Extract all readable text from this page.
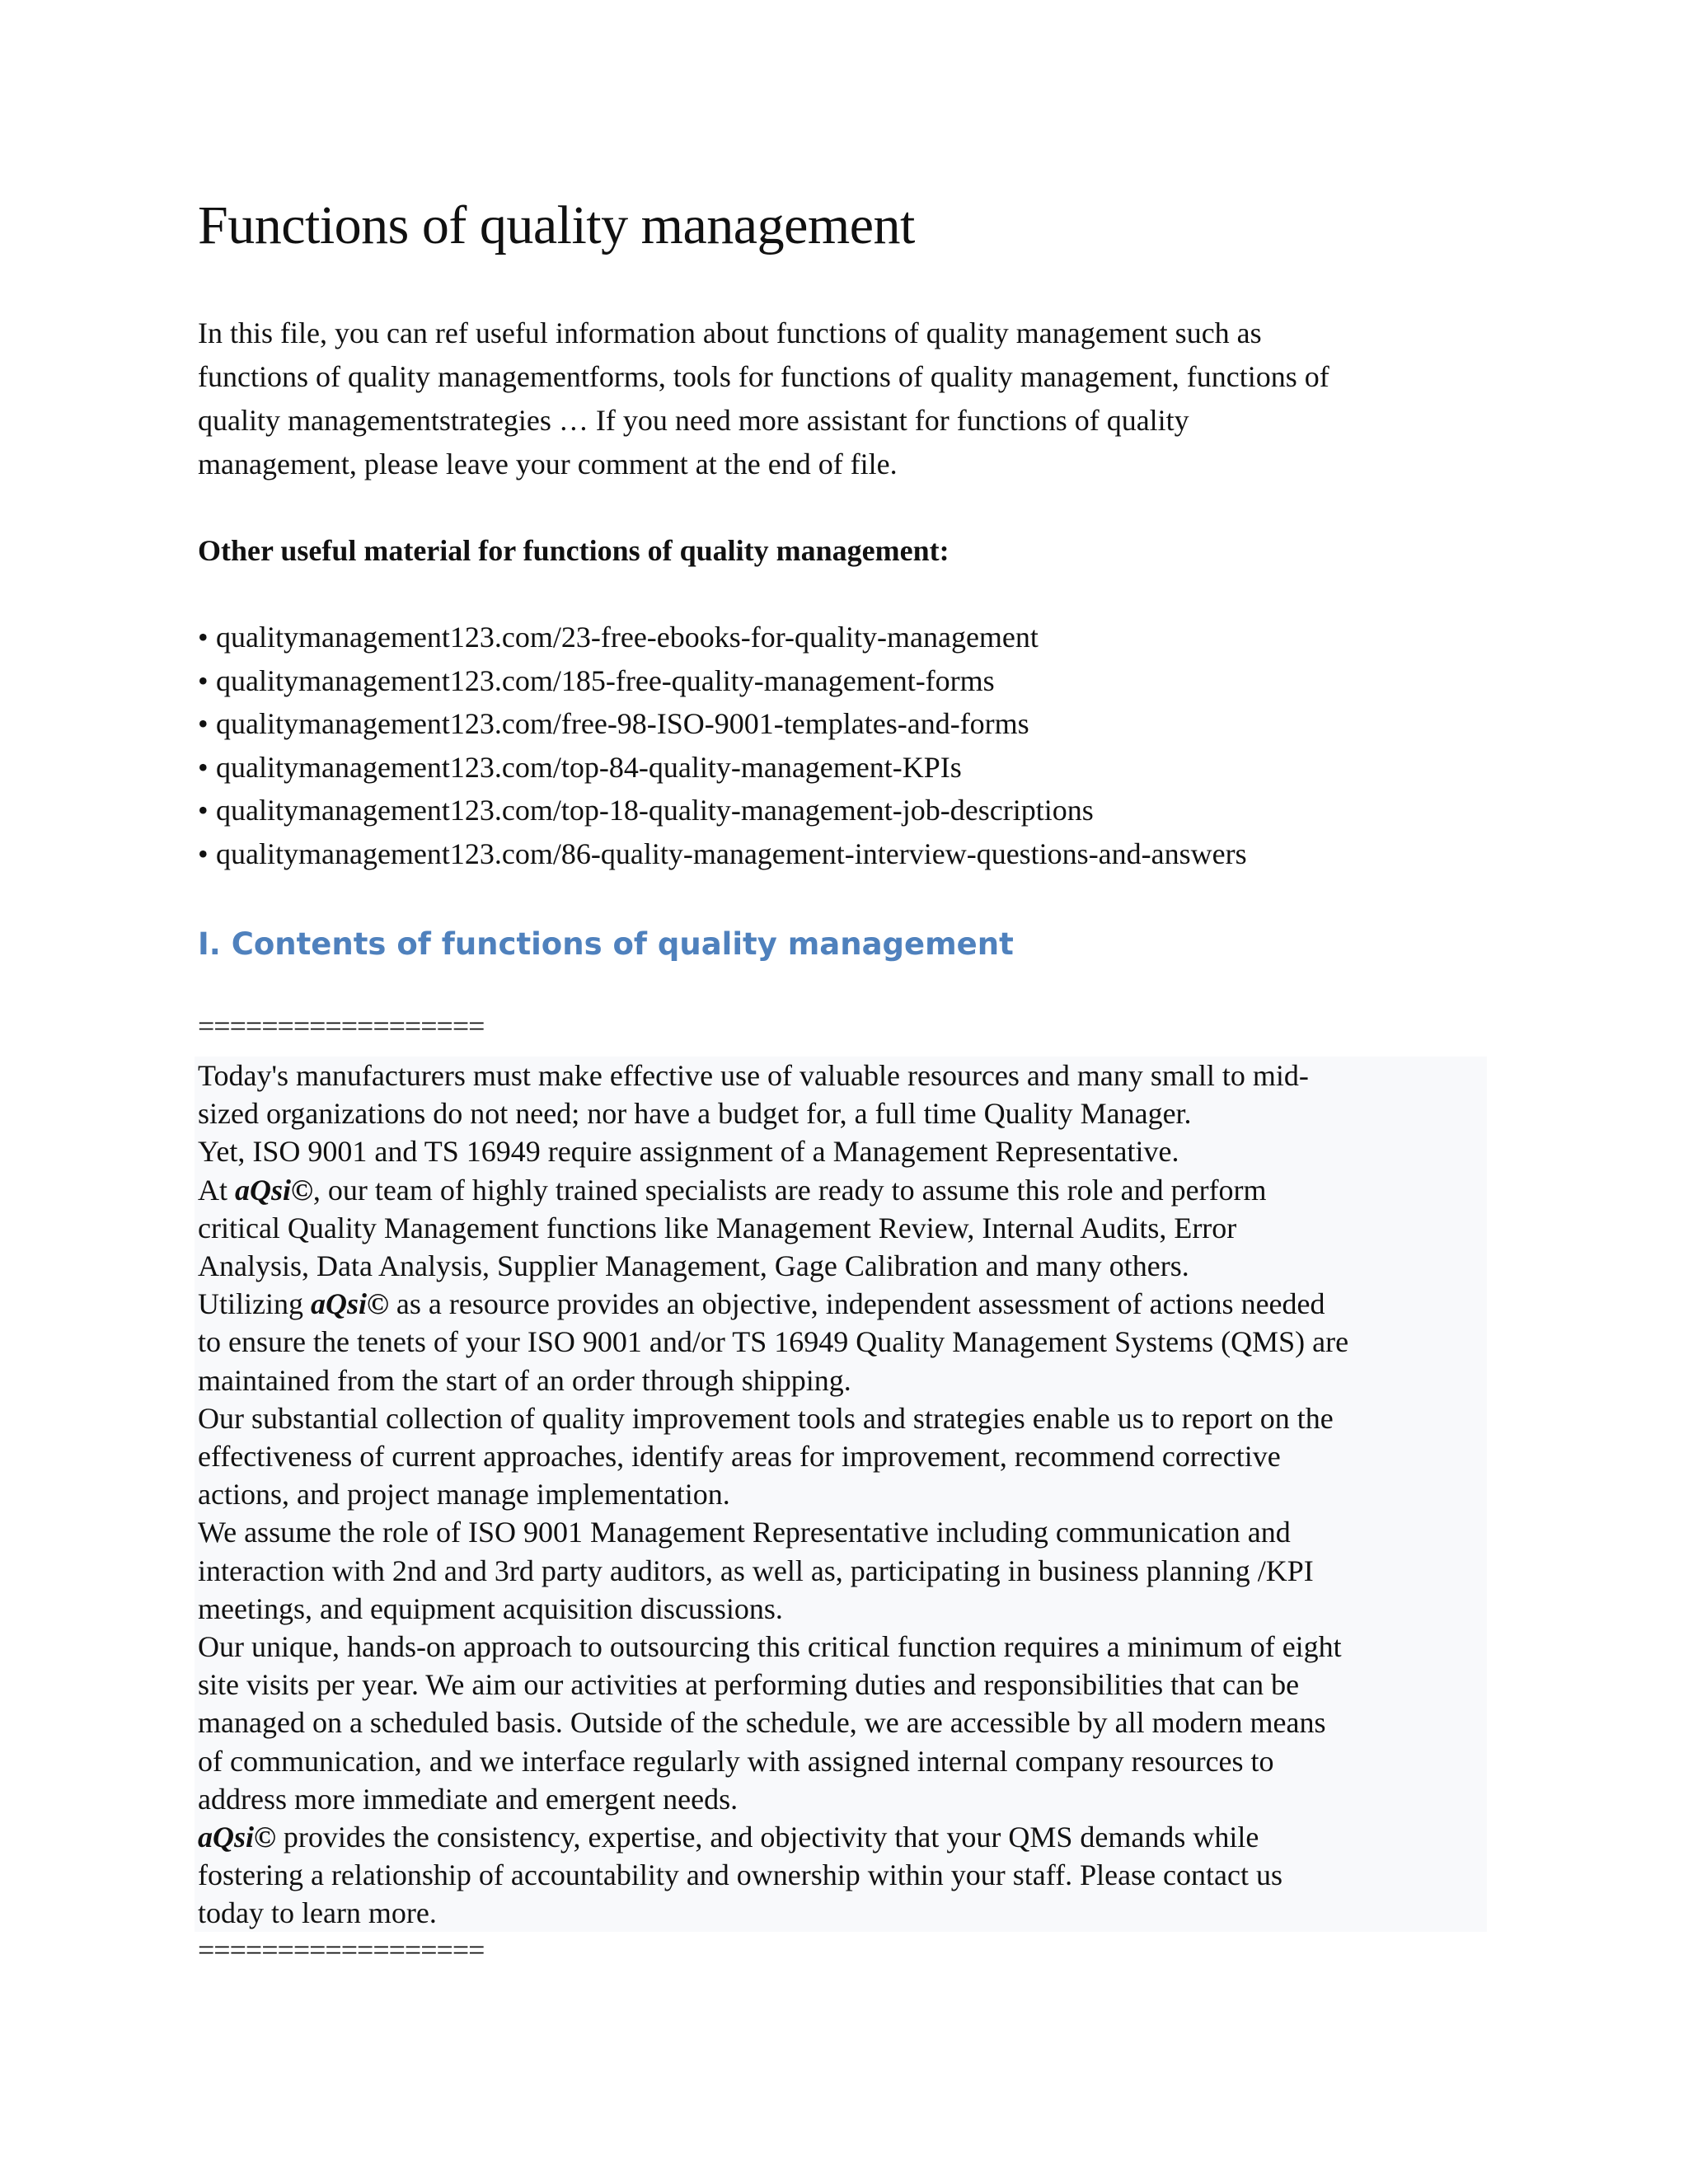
Functions of quality management

In this file, you can ref useful information about functions of quality management such as
functions of quality managementforms, tools for functions of quality management, functions of
quality managementstrategies … If you need more assistant for functions of quality
management, please leave your comment at the end of file.

Other useful material for functions of quality management:
• qualitymanagement123.com/23-free-ebooks-for-quality-management
• qualitymanagement123.com/185-free-quality-management-forms
• qualitymanagement123.com/free-98-ISO-9001-templates-and-forms
• qualitymanagement123.com/top-84-quality-management-KPIs
• qualitymanagement123.com/top-18-quality-management-job-descriptions
• qualitymanagement123.com/86-quality-management-interview-questions-and-answers
I. Contents of functions of quality management
==================
Today's manufacturers must make effective use of valuable resources and many small to mid-
sized organizations do not need; nor have a budget for, a full time Quality Manager.
Yet, ISO 9001 and TS 16949 require assignment of a Management Representative.
At aQsi©, our team of highly trained specialists are ready to assume this role and perform
critical Quality Management functions like Management Review, Internal Audits, Error
Analysis, Data Analysis, Supplier Management, Gage Calibration and many others.
Utilizing aQsi© as a resource provides an objective, independent assessment of actions needed
to ensure the tenets of your ISO 9001 and/or TS 16949 Quality Management Systems (QMS) are
maintained from the start of an order through shipping.
Our substantial collection of quality improvement tools and strategies enable us to report on the
effectiveness of current approaches, identify areas for improvement, recommend corrective
actions, and project manage implementation.
We assume the role of ISO 9001 Management Representative including communication and
interaction with 2nd and 3rd party auditors, as well as, participating in business planning /KPI
meetings, and equipment acquisition discussions.
Our unique, hands-on approach to outsourcing this critical function requires a minimum of eight
site visits per year. We aim our activities at performing duties and responsibilities that can be
managed on a scheduled basis. Outside of the schedule, we are accessible by all modern means
of communication, and we interface regularly with assigned internal company resources to
address more immediate and emergent needs.
aQsi© provides the consistency, expertise, and objectivity that your QMS demands while
fostering a relationship of accountability and ownership within your staff. Please contact us
today to learn more.
==================
